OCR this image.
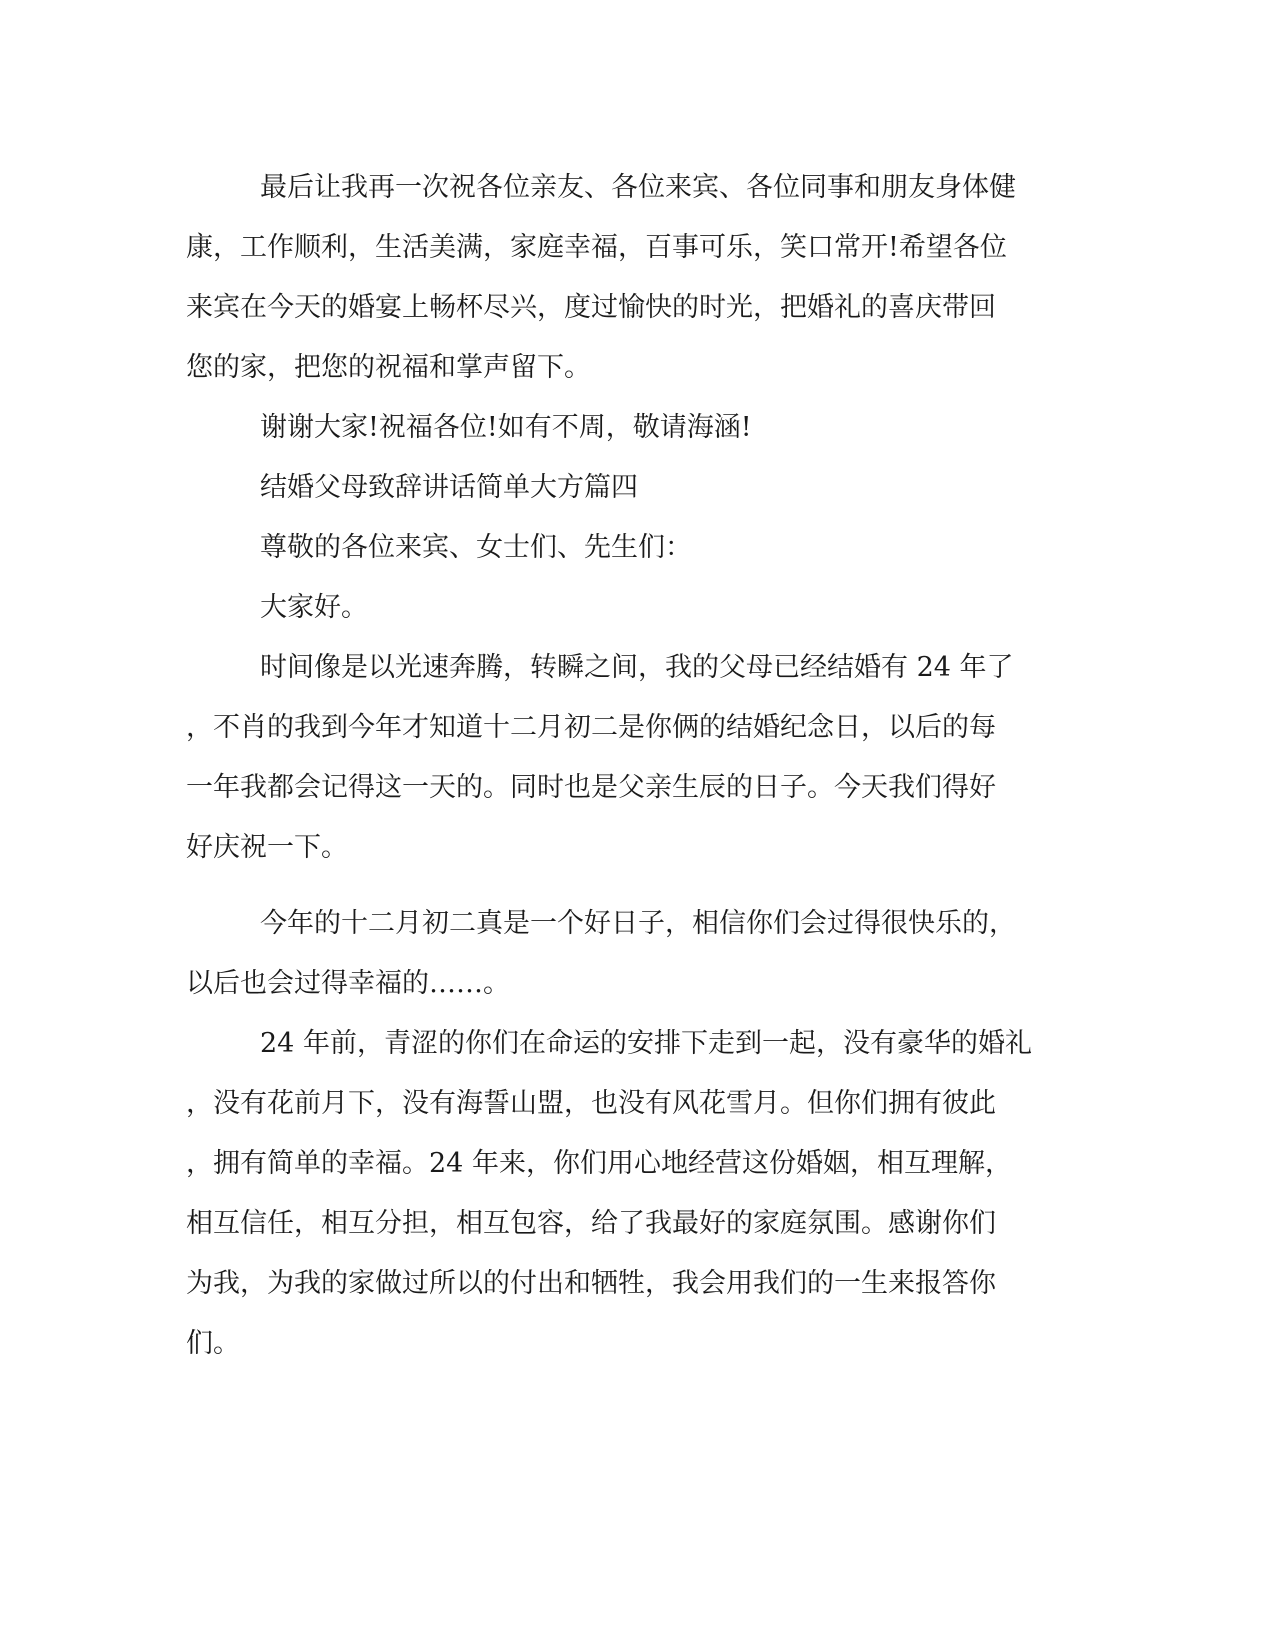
最后让我再一次祝各位亲友、各位来宾、各位同事和朋友身体健
康，工作顺利，生活美满，家庭幸福，百事可乐，笑口常开!希望各位
来宾在今天的婚宴上畅杯尽兴，度过愉快的时光，把婚礼的喜庆带回
您的家，把您的祝福和掌声留下。
谢谢大家!祝福各位!如有不周，敬请海涵!
结婚父母致辞讲话简单大方篇四
尊敬的各位来宾、女士们、先生们：
大家好。
时间像是以光速奔腾，转瞬之间，我的父母已经结婚有 24 年了
，不肖的我到今年才知道十二月初二是你俩的结婚纪念日，以后的每
一年我都会记得这一天的。同时也是父亲生辰的日子。今天我们得好
好庆祝一下。
今年的十二月初二真是一个好日子，相信你们会过得很快乐的，
以后也会过得幸福的……。
24 年前，青涩的你们在命运的安排下走到一起，没有豪华的婚礼
，没有花前月下，没有海誓山盟，也没有风花雪月。但你们拥有彼此
，拥有简单的幸福。24 年来，你们用心地经营这份婚姻，相互理解，
相互信任，相互分担，相互包容，给了我最好的家庭氛围。感谢你们
为我，为我的家做过所以的付出和牺牲，我会用我们的一生来报答你
们。
